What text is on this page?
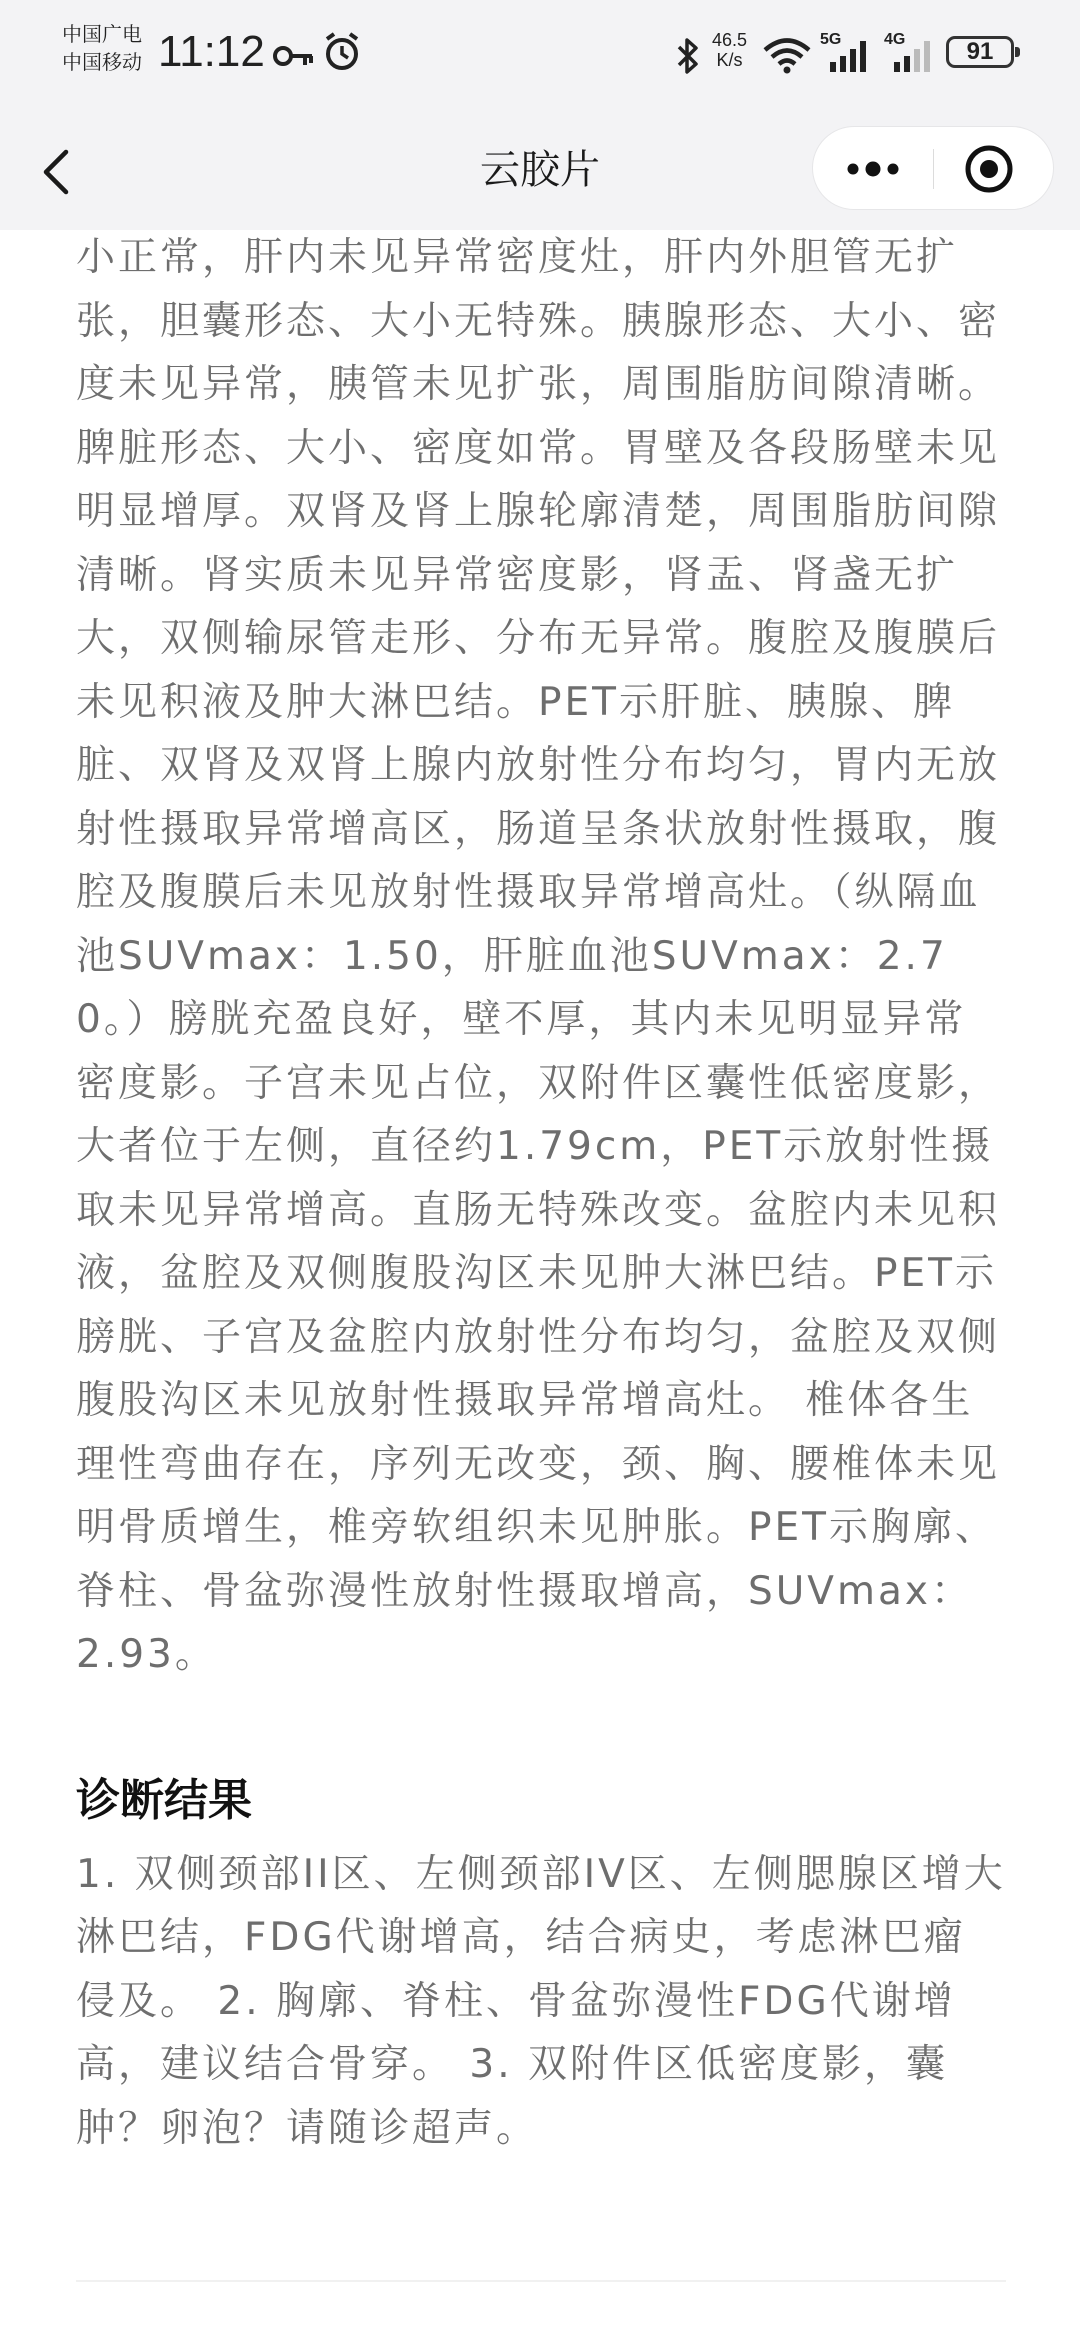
中国广电
中国移动 11:12	46.5
K/s
5G	4G	91
云胶片

小正常，肝内未见异常密度灶，肝内外胆管无扩张，胆囊形态、大小无特殊。胰腺形态、大小、密度未见异常，胰管未见扩张，周围脂肪间隙清晰。脾脏形态、大小、密度如常。胃壁及各段肠壁未见明显增厚。双肾及肾上腺轮廓清楚，周围脂肪间隙清晰。肾实质未见异常密度影，肾盂、肾盏无扩大，双侧输尿管走形、分布无异常。腹腔及腹膜后未见积液及肿大淋巴结。PET示肝脏、胰腺、脾脏、双肾及双肾上腺内放射性分布均匀，胃内无放射性摄取异常增高区，肠道呈条状放射性摄取，腹腔及腹膜后未见放射性摄取异常增高灶。（纵隔血池SUVmax：1.50，肝脏血池SUVmax：2.70。）膀胱充盈良好，壁不厚，其内未见明显异常密度影。子宫未见占位，双附件区囊性低密度影，大者位于左侧，直径约1.79cm，PET示放射性摄取未见异常增高。直肠无特殊改变。盆腔内未见积液，盆腔及双侧腹股沟区未见肿大淋巴结。PET示膀胱、子宫及盆腔内放射性分布均匀，盆腔及双侧腹股沟区未见放射性摄取异常增高灶。 椎体各生理性弯曲存在，序列无改变，颈、胸、腰椎体未见明骨质增生，椎旁软组织未见肿胀。PET示胸廓、脊柱、骨盆弥漫性放射性摄取增高，SUVmax：2.93。

诊断结果

1. 双侧颈部II区、左侧颈部IV区、左侧腮腺区增大淋巴结，FDG代谢增高，结合病史，考虑淋巴瘤侵及。 2. 胸廓、脊柱、骨盆弥漫性FDG代谢增高，建议结合骨穿。 3. 双附件区低密度影，囊肿？卵泡？请随诊超声。
